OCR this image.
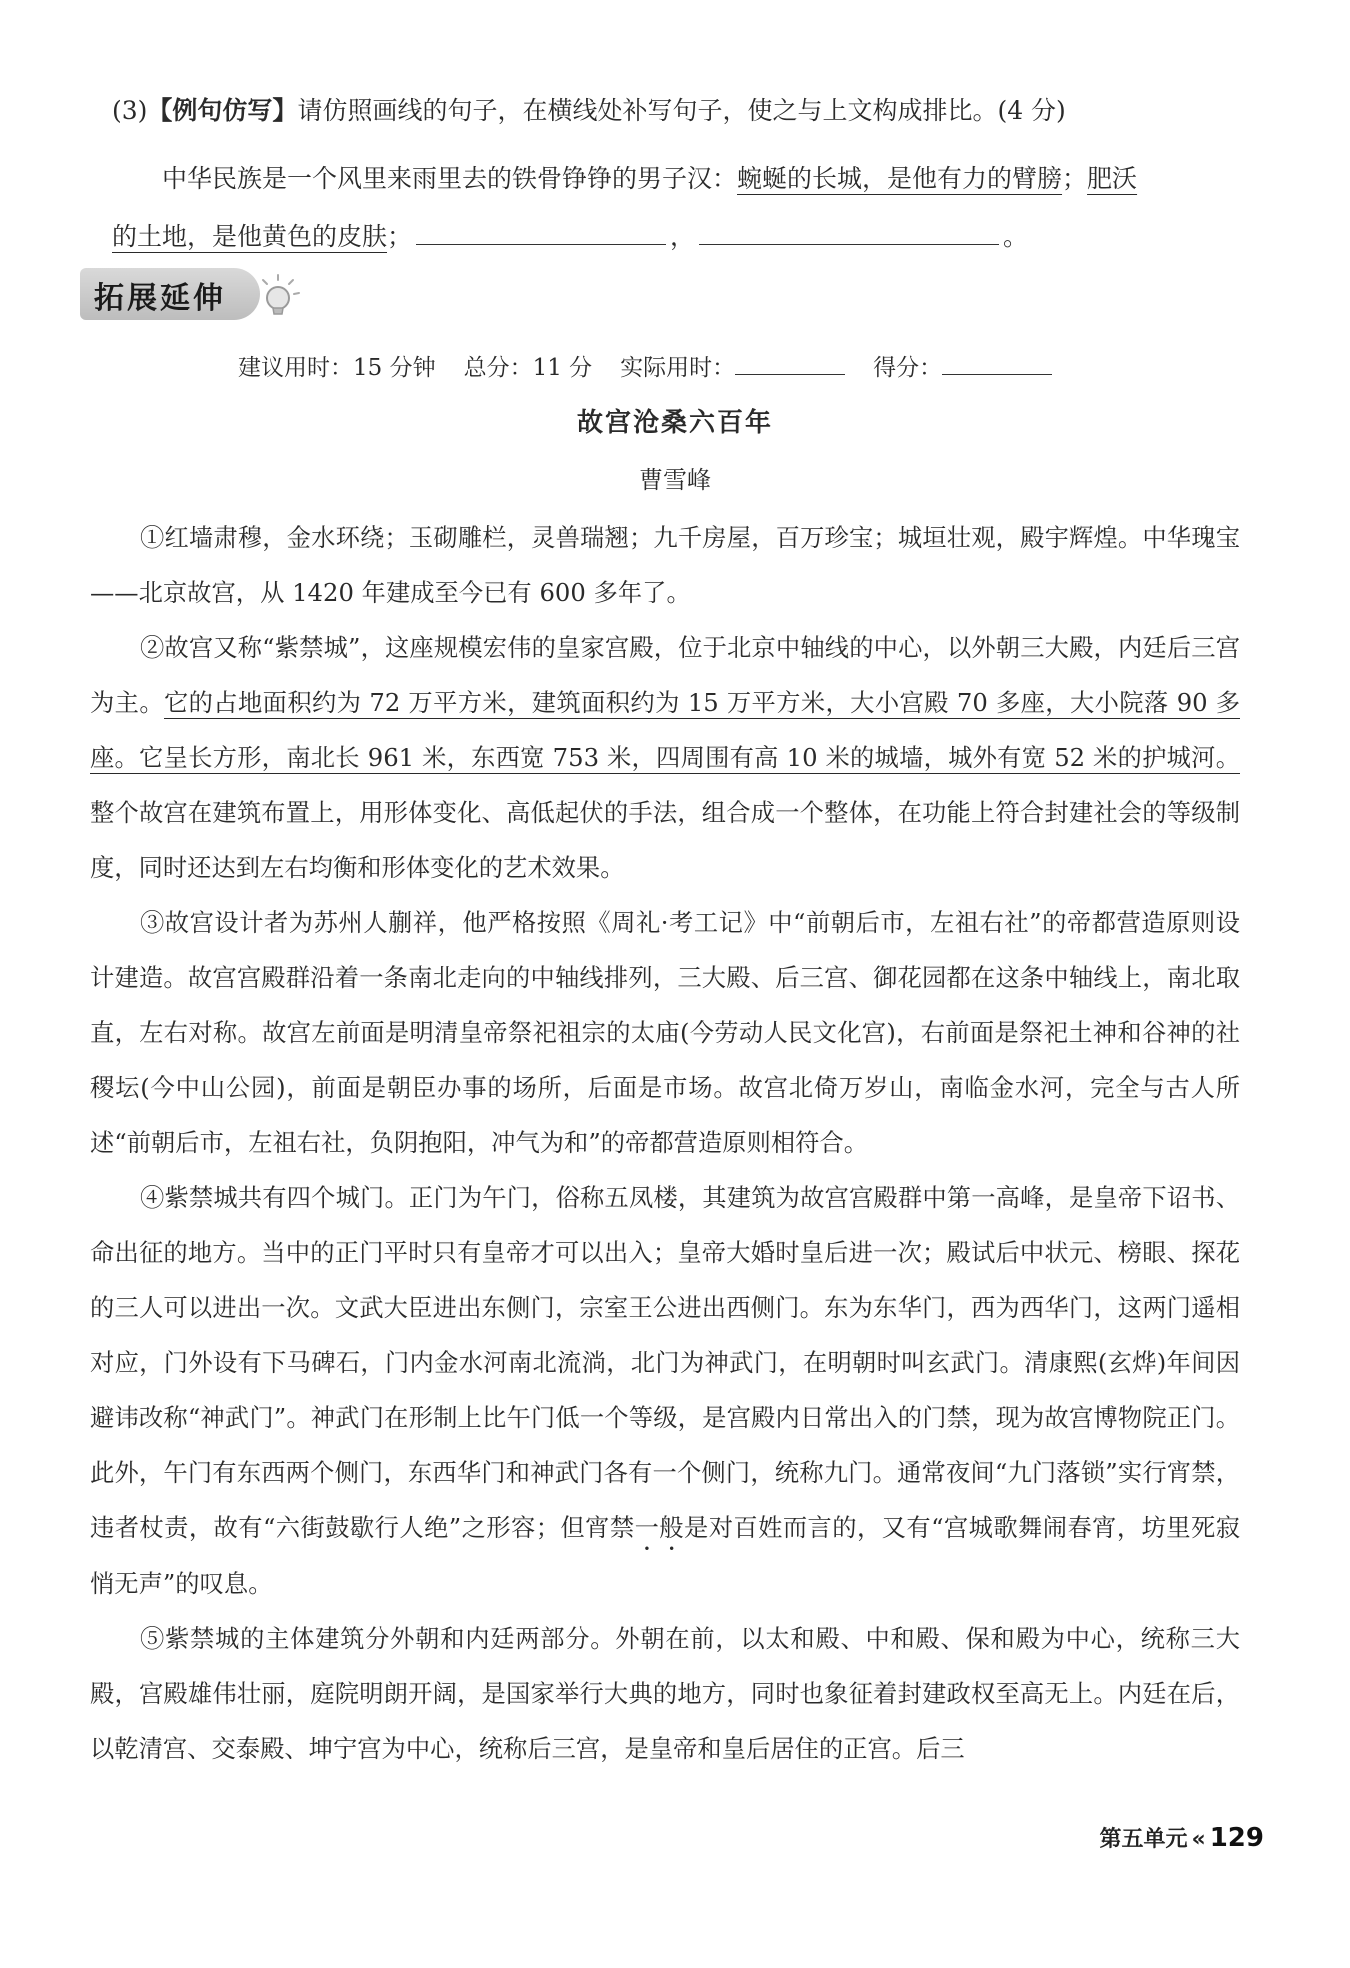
(3)【例句仿写】请仿照画线的句子，在横线处补写句子，使之与上文构成排比。(4 分)
中华民族是一个风里来雨里去的铁骨铮铮的男子汉：蜿蜒的长城，是他有力的臂膀；肥沃
的土地，是他黄色的皮肤；	，	。
拓展延伸
建议用时：15 分钟 总分：11 分 实际用时：	得分：
故宫沧桑六百年
曹雪峰

①红墙肃穆，金水环绕；玉砌雕栏，灵兽瑞翘；九千房屋，百万珍宝；城垣壮观，殿宇辉煌。中华瑰宝——北京故宫，从 1420 年建成至今已有 600 多年了。

②故宫又称“紫禁城”，这座规模宏伟的皇家宫殿，位于北京中轴线的中心，以外朝三大殿，内廷后三宫为主。它的占地面积约为 72 万平方米，建筑面积约为 15 万平方米，大小宫殿 70 多座，大小院落 90 多座。它呈长方形，南北长 961 米，东西宽 753 米，四周围有高 10 米的城墙，城外有宽 52 米的护城河。整个故宫在建筑布置上，用形体变化、高低起伏的手法，组合成一个整体，在功能上符合封建社会的等级制度，同时还达到左右均衡和形体变化的艺术效果。

③故宫设计者为苏州人蒯祥，他严格按照《周礼·考工记》中“前朝后市，左祖右社”的帝都营造原则设计建造。故宫宫殿群沿着一条南北走向的中轴线排列，三大殿、后三宫、御花园都在这条中轴线上，南北取直，左右对称。故宫左前面是明清皇帝祭祀祖宗的太庙(今劳动人民文化宫)，右前面是祭祀土神和谷神的社稷坛(今中山公园)，前面是朝臣办事的场所，后面是市场。故宫北倚万岁山，南临金水河，完全与古人所述“前朝后市，左祖右社，负阴抱阳，冲气为和”的帝都营造原则相符合。

④紫禁城共有四个城门。正门为午门，俗称五凤楼，其建筑为故宫宫殿群中第一高峰，是皇帝下诏书、命出征的地方。当中的正门平时只有皇帝才可以出入；皇帝大婚时皇后进一次；殿试后中状元、榜眼、探花的三人可以进出一次。文武大臣进出东侧门，宗室王公进出西侧门。东为东华门，西为西华门，这两门遥相对应，门外设有下马碑石，门内金水河南北流淌，北门为神武门，在明朝时叫玄武门。清康熙(玄烨)年间因避讳改称“神武门”。神武门在形制上比午门低一个等级，是宫殿内日常出入的门禁，现为故宫博物院正门。此外，午门有东西两个侧门，东西华门和神武门各有一个侧门，统称九门。通常夜间“九门落锁”实行宵禁，违者杖责，故有“六街鼓歇行人绝”之形容；但宵禁一般是对百姓而言的，又有“宫城歌舞闹春宵，坊里死寂悄无声”的叹息。

⑤紫禁城的主体建筑分外朝和内廷两部分。外朝在前，以太和殿、中和殿、保和殿为中心，统称三大殿，宫殿雄伟壮丽，庭院明朗开阔，是国家举行大典的地方，同时也象征着封建政权至高无上。内廷在后，以乾清宫、交泰殿、坤宁宫为中心，统称后三宫，是皇帝和皇后居住的正宫。后三

第五单元 « 129
